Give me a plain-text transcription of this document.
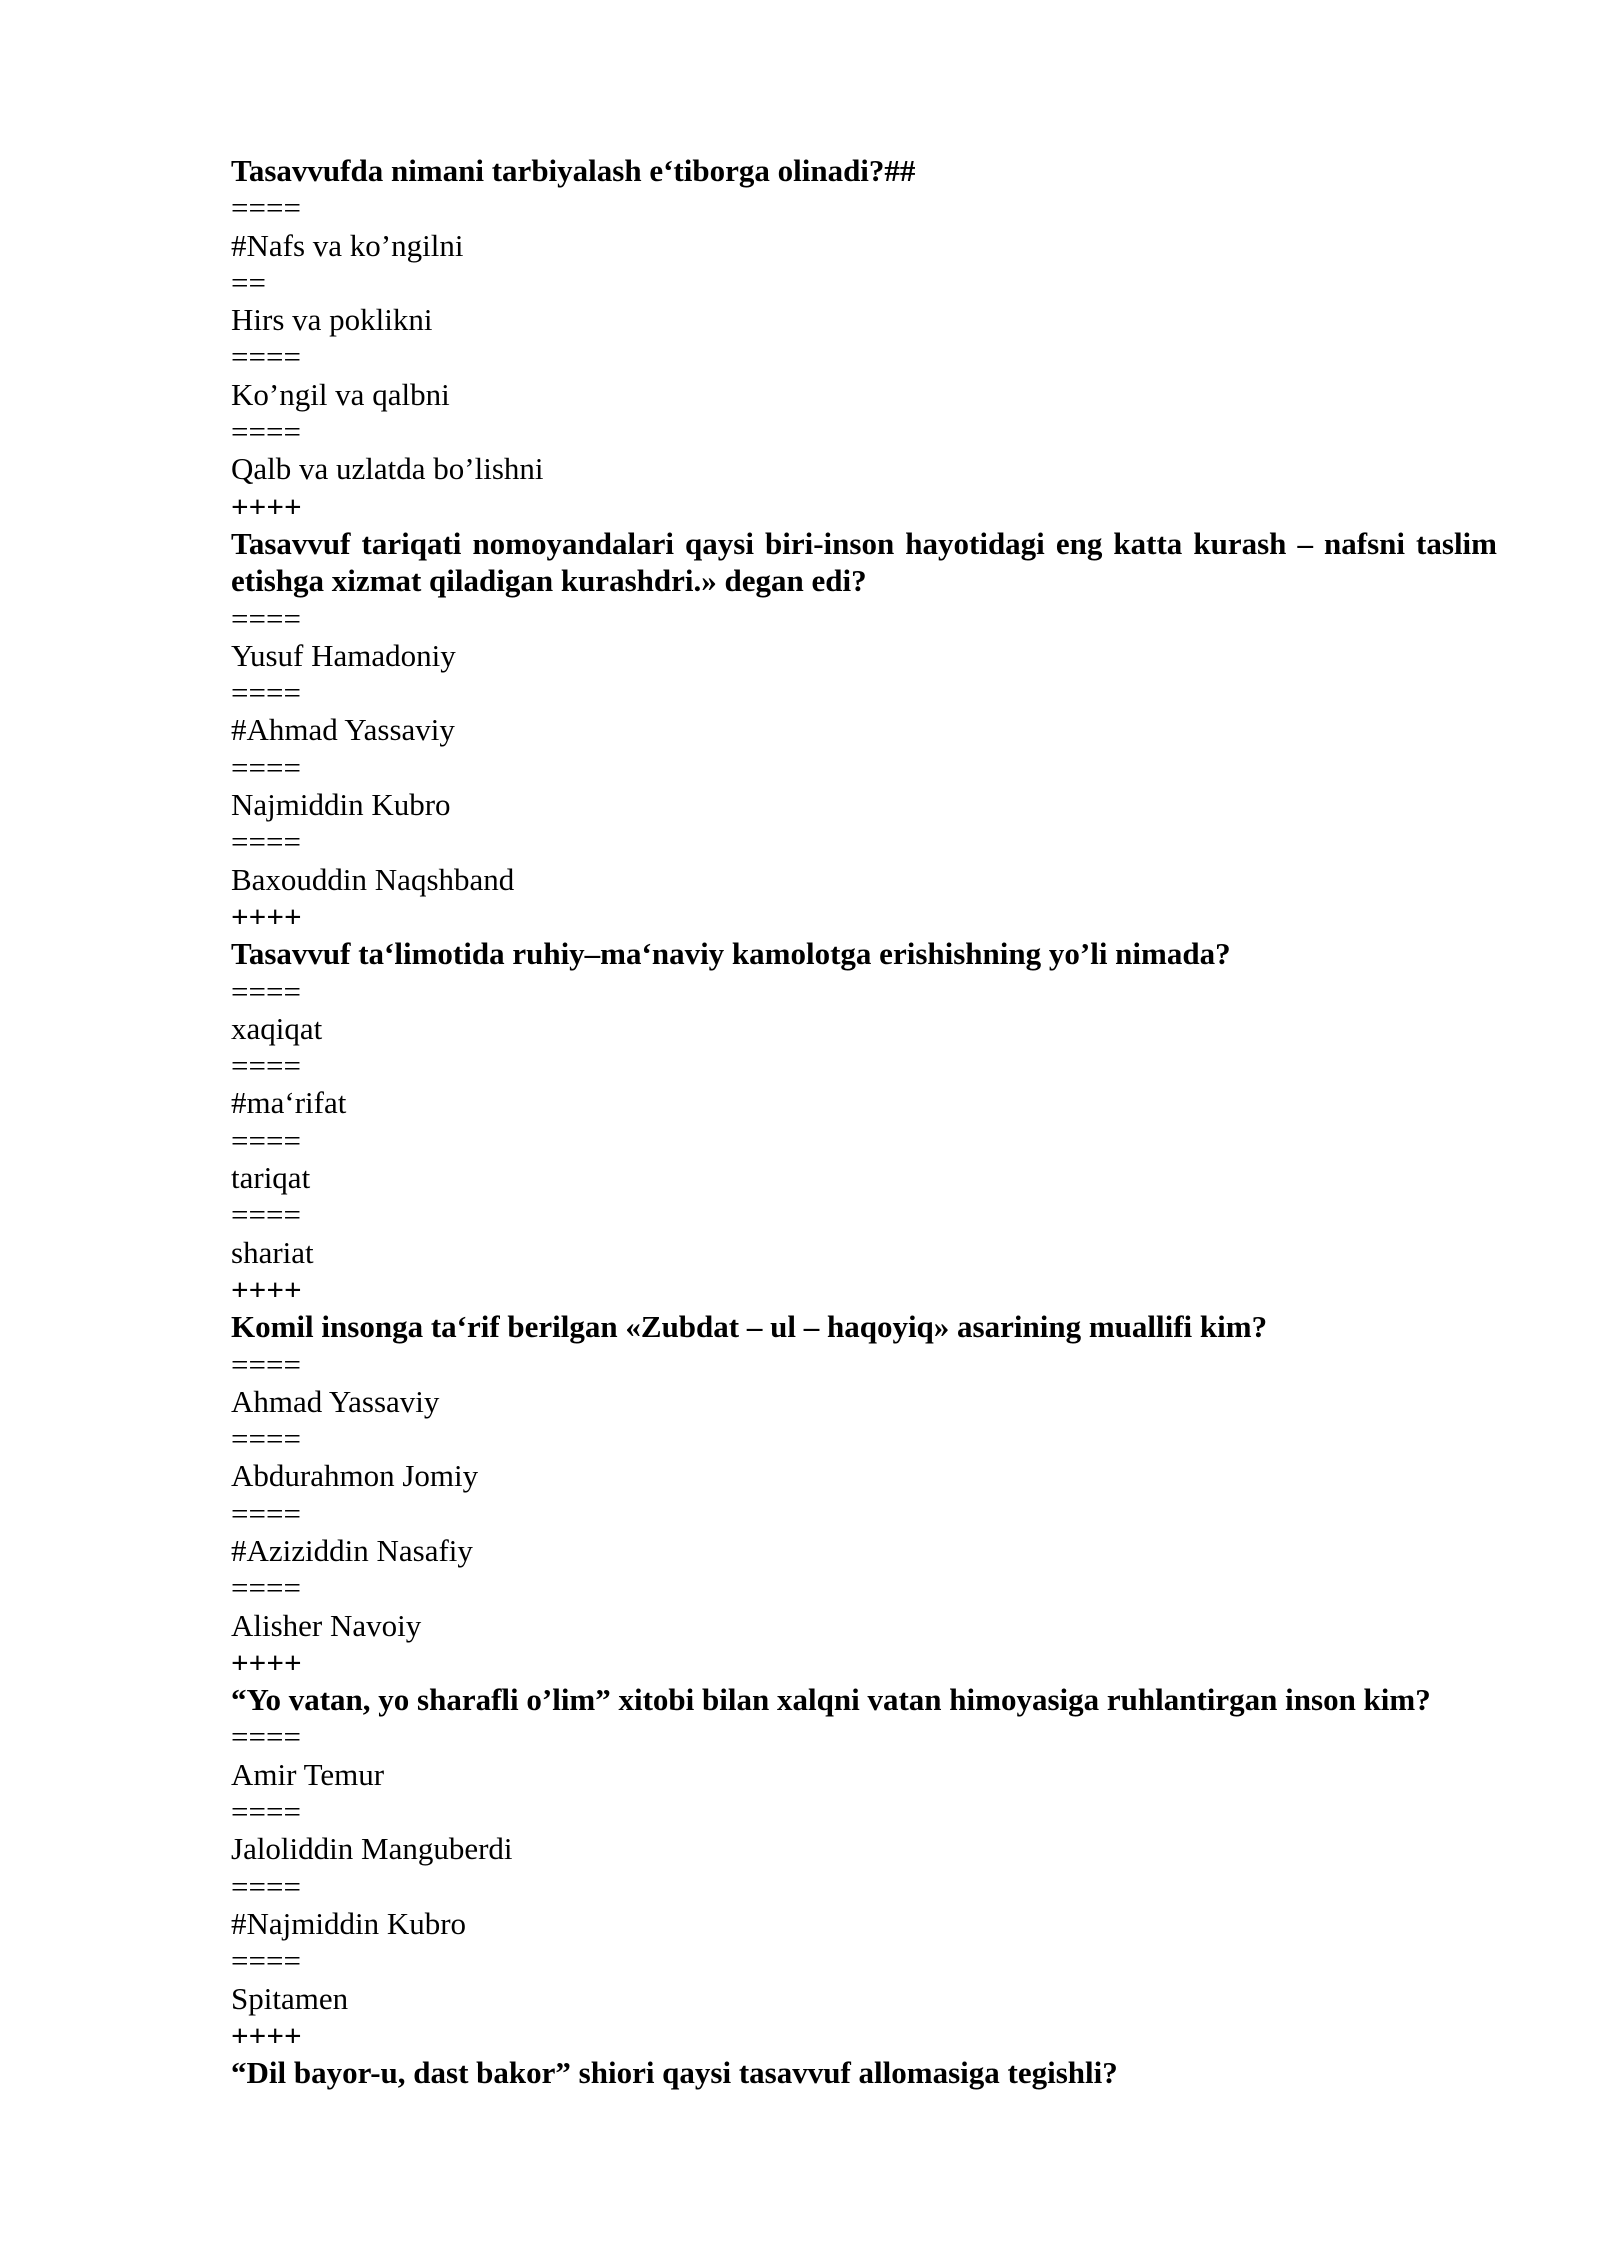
Tasavvufda nimani tarbiyalash e‘tiborga olinadi?##
====
#Nafs va ko’ngilni
==
Hirs va poklikni
====
Ko’ngil va qalbni
====
Qalb va uzlatda bo’lishni
++++
Tasavvuf tariqati nomoyandalari qaysi biri-inson hayotidagi eng katta kurash – nafsni taslim etishga xizmat qiladigan kurashdri.» degan edi?
====
Yusuf Hamadoniy
====
#Ahmad Yassaviy
====
Najmiddin Kubro
====
Baxouddin Naqshband
++++
Tasavvuf ta‘limotida ruhiy–ma‘naviy kamolotga erishishning yo’li nimada?
====
xaqiqat
====
#ma‘rifat
====
tariqat
====
shariat
++++
Komil insonga ta‘rif berilgan «Zubdat – ul – haqoyiq» asarining muallifi kim?
====
Ahmad Yassaviy
====
Abdurahmon Jomiy
====
#Aziziddin Nasafiy
====
Alisher Navoiy
++++
“Yo vatan, yo sharafli o’lim” xitobi bilan xalqni vatan himoyasiga ruhlantirgan inson kim?
====
Amir Temur
====
Jaloliddin Manguberdi
====
#Najmiddin Kubro
====
Spitamen
++++
“Dil bayor-u, dast bakor” shiori qaysi tasavvuf allomasiga tegishli?
